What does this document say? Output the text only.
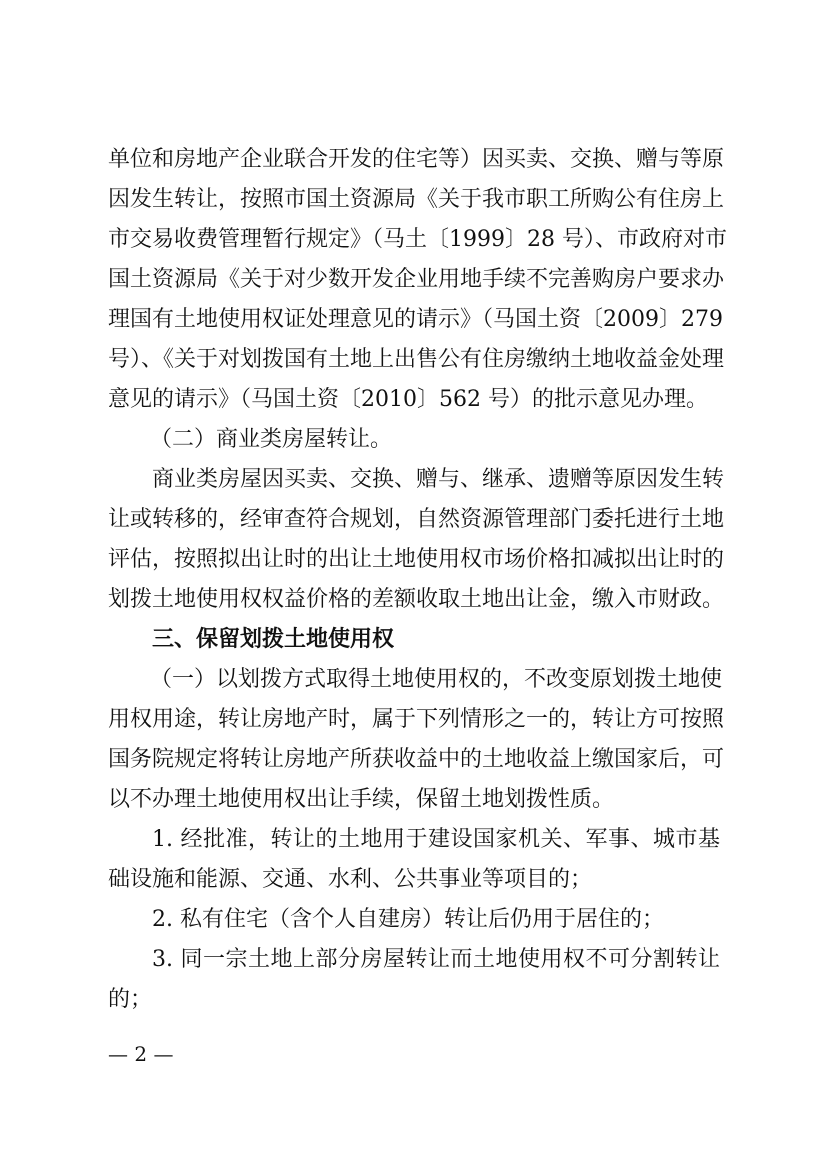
单位和房地产企业联合开发的住宅等）因买卖、交换、赠与等原
因发生转让，按照市国土资源局《关于我市职工所购公有住房上
市交易收费管理暂行规定》（马土〔1999〕28 号）、市政府对市
国土资源局《关于对少数开发企业用地手续不完善购房户要求办
理国有土地使用权证处理意见的请示》（马国土资〔2009〕279
号）、《关于对划拨国有土地上出售公有住房缴纳土地收益金处理
意见的请示》（马国土资〔2010〕562 号）的批示意见办理。
（二）商业类房屋转让。
商业类房屋因买卖、交换、赠与、继承、遗赠等原因发生转
让或转移的，经审查符合规划，自然资源管理部门委托进行土地
评估，按照拟出让时的出让土地使用权市场价格扣减拟出让时的
划拨土地使用权权益价格的差额收取土地出让金，缴入市财政。
三、保留划拨土地使用权
（一）以划拨方式取得土地使用权的，不改变原划拨土地使
用权用途，转让房地产时，属于下列情形之一的，转让方可按照
国务院规定将转让房地产所获收益中的土地收益上缴国家后，可
以不办理土地使用权出让手续，保留土地划拨性质。
1. 经批准，转让的土地用于建设国家机关、军事、城市基
础设施和能源、交通、水利、公共事业等项目的；
2. 私有住宅（含个人自建房）转让后仍用于居住的；
3. 同一宗土地上部分房屋转让而土地使用权不可分割转让
的；
— 2 —
